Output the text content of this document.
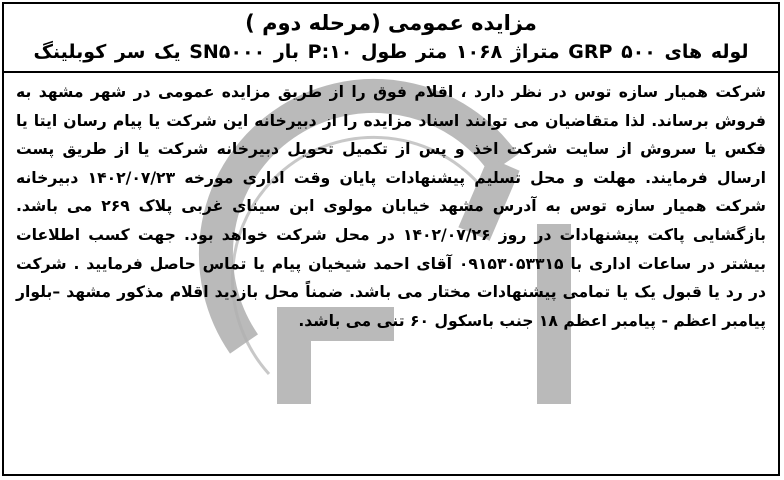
مزایده عمومی (مرحله دوم )
لوله های ۵۰۰ GRP متراژ ۱۰۶۸ متر طول ۱۰:P بار SN۵۰۰۰ یک سر کوبلینگ

شرکت همیار سازه توس در نظر دارد ، اقلام فوق را از طریق مزایده عمومی در شهر مشهد به فروش برساند. لذا متقاضیان می توانند اسناد مزایده را از دبیرخانه این شرکت یا پیام رسان ایتا یا فکس یا سروش از سایت شرکت اخذ و پس از تکمیل تحویل دبیرخانه شرکت یا از طریق پست ارسال فرمایند. مهلت و محل تسلیم پیشنهادات پایان وقت اداری مورخه ۱۴۰۲/۰۷/۲۳ دبیرخانه شرکت همیار سازه توس به آدرس مشهد خیابان مولوی ابن سینای غربی پلاک ۲۶۹ می باشد. بازگشایی پاکت پیشنهادات در روز ۱۴۰۲/۰۷/۲۶ در محل شرکت خواهد بود. جهت کسب اطلاعات بیشتر در ساعات اداری با ۰۹۱۵۳۰۵۳۳۱۵ آقای احمد شیخیان پیام یا تماس حاصل فرمایید . شرکت در رد یا قبول یک یا تمامی پیشنهادات مختار می باشد. ضمناً محل بازدید اقلام مذکور مشهد –بلوار پیامبر اعظم - پیامبر اعظم ۱۸ جنب باسکول ۶۰ تنی می باشد.
